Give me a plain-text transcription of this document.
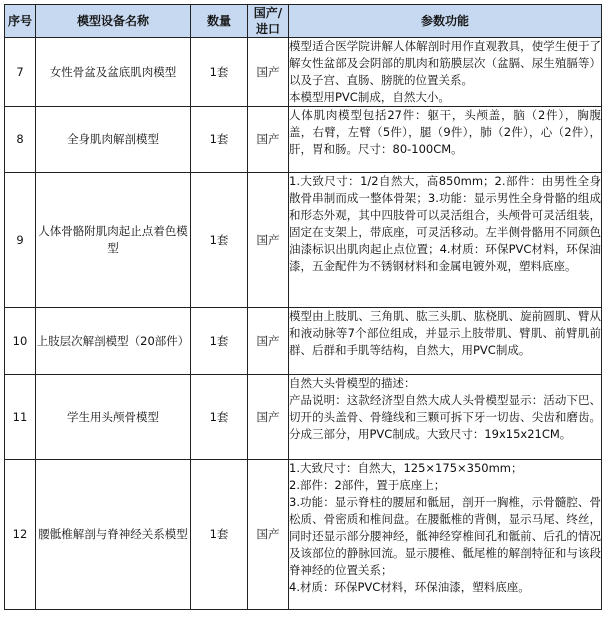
序号	模型设备名称	数量	国产/进口	参数功能
7	女性骨盆及盆底肌肉模型	1套	国产	模型适合医学院讲解人体解剖时用作直观教具，使学生便于了解女性盆部及会阴部的肌肉和筋膜层次（盆膈、尿生殖膈等）以及子宫、直肠、膀胱的位置关系。
本模型用PVC制成，自然大小。

8	全身肌肉解剖模型	1套	国产	人体肌肉模型包括27件：躯干，头颅盖，脑（2件），胸腹盖，右臂，左臂（5件），腿（9件），肺（2件），心（2件），肝，胃和肠。尺寸：80-100CM。

9	人体骨骼附肌肉起止点着色模型	1套	国产	1.大致尺寸：1/2自然大，高850mm；2.部件：由男性全身散骨串制而成一整体骨架；3.功能：显示男性全身骨骼的组成和形态外观，其中四肢骨可以灵活组合，头颅骨可灵活组装，固定在支架上，带底座，可灵活移动。左半侧骨骼用不同颜色油漆标识出肌肉起止点位置；4.材质：环保PVC材料，环保油漆，五金配件为不锈钢材料和金属电镀外观，塑料底座。

10	上肢层次解剖模型（20部件）	1套	国产	模型由上肢肌、三角肌、肱三头肌、肱桡肌、旋前圆肌、臂从和液动脉等7个部位组成，并显示上肢带肌、臂肌、前臂肌前群、后群和手肌等结构，自然大，用PVC制成。

11	学生用头颅骨模型	1套	国产	自然大头骨模型的描述：
产品说明：这款经济型自然大成人头骨模型显示：活动下巴、切开的头盖骨、骨缝线和三颗可拆下牙一切齿、尖齿和磨齿。分成三部分，用PVC制成。大致尺寸：19x15x21CM。

12	腰骶椎解剖与脊神经关系模型	1套	国产	1.大致尺寸：自然大，125×175×350mm；
2.部件：2部件，置于底座上；
3.功能：显示脊柱的腰屈和骶屈，剖开一胸椎，示骨髓腔、骨松质、骨密质和椎间盘。在腰骶椎的背侧，显示马尾、终丝，同时还显示部分腰神经，骶神经穿椎间孔和骶前、后孔的情况及该部位的静脉回流。显示腰椎、骶尾椎的解剖特征和与该段脊神经的位置关系；
4.材质：环保PVC材料，环保油漆，塑料底座。
